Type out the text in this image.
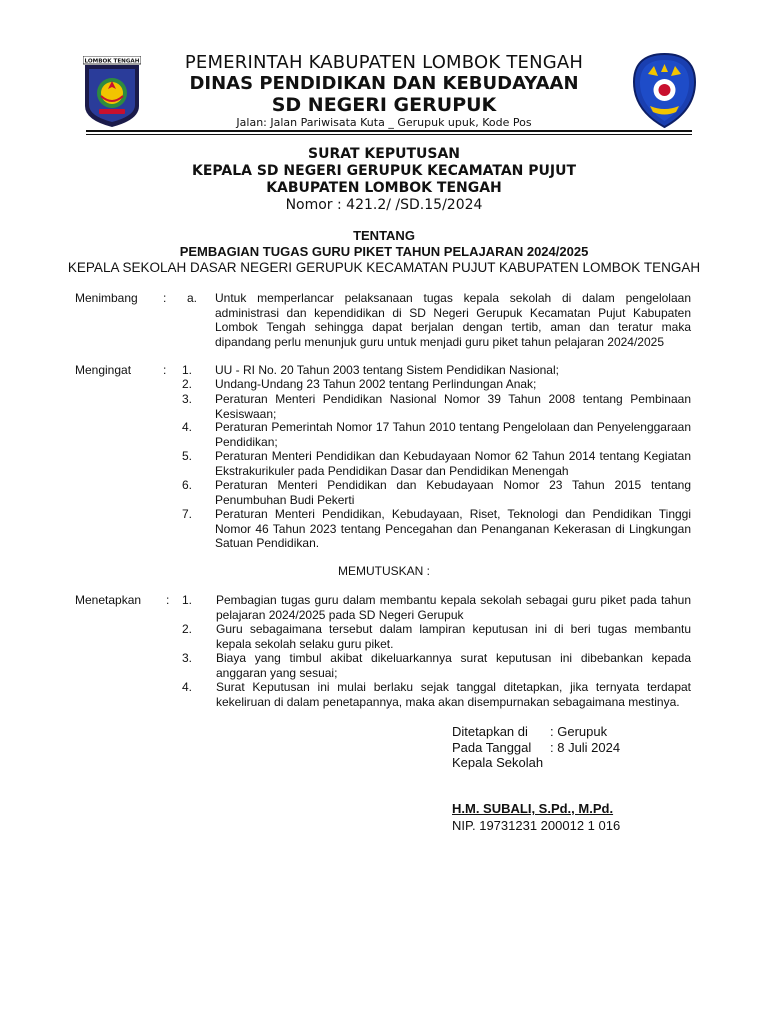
LOMBOK TENGAH	PEMERINTAH KABUPATEN LOMBOK TENGAH
DINAS PENDIDIKAN DAN KEBUDAYAAN
SD NEGERI GERUPUK
Jalan: Jalan Pariwisata Kuta _ Gerupuk upuk, Kode Pos
SURAT KEPUTUSAN
KEPALA SD NEGERI GERUPUK KECAMATAN PUJUT
KABUPATEN LOMBOK TENGAH
Nomor : 421.2/ /SD.15/2024
TENTANG
PEMBAGIAN TUGAS GURU PIKET TAHUN PELAJARAN 2024/2025
KEPALA SEKOLAH DASAR NEGERI GERUPUK KECAMATAN PUJUT KABUPATEN LOMBOK TENGAH
Menimbang : a. Untuk memperlancar pelaksanaan tugas kepala sekolah di dalam pengelolaan administrasi dan kependidikan di SD Negeri Gerupuk Kecamatan Pujut Kabupaten Lombok Tengah sehingga dapat berjalan dengan tertib, aman dan teratur maka dipandang perlu menunjuk guru untuk menjadi guru piket tahun pelajaran 2024/2025
Mengingat	:	1. UU - RI No. 20 Tahun 2003 tentang Sistem Pendidikan Nasional;
2. Undang-Undang 23 Tahun 2002 tentang Perlindungan Anak;
3. Peraturan Menteri Pendidikan Nasional Nomor 39 Tahun 2008 tentang Pembinaan Kesiswaan;
4. Peraturan Pemerintah Nomor 17 Tahun 2010 tentang Pengelolaan dan Penyelenggaraan Pendidikan;
5. Peraturan Menteri Pendidikan dan Kebudayaan Nomor 62 Tahun 2014 tentang Kegiatan Ekstrakurikuler pada Pendidikan Dasar dan Pendidikan Menengah
6. Peraturan Menteri Pendidikan dan Kebudayaan Nomor 23 Tahun 2015 tentang Penumbuhan Budi Pekerti
7. Peraturan Menteri Pendidikan, Kebudayaan, Riset, Teknologi dan Pendidikan Tinggi Nomor 46 Tahun 2023 tentang Pencegahan dan Penanganan Kekerasan di Lingkungan Satuan Pendidikan.
MEMUTUSKAN :
Menetapkan :	1. Pembagian tugas guru dalam membantu kepala sekolah sebagai guru piket pada tahun pelajaran 2024/2025 pada SD Negeri Gerupuk
2. Guru sebagaimana tersebut dalam lampiran keputusan ini di beri tugas membantu kepala sekolah selaku guru piket.
3. Biaya yang timbul akibat dikeluarkannya surat keputusan ini dibebankan kepada anggaran yang sesuai;
4. Surat Keputusan ini mulai berlaku sejak tanggal ditetapkan, jika ternyata terdapat kekeliruan di dalam penetapannya, maka akan disempurnakan sebagaimana mestinya.
Ditetapkan di : Gerupuk
Pada Tanggal : 8 Juli 2024
Kepala Sekolah
H.M. SUBALI, S.Pd., M.Pd.
NIP. 19731231 200012 1 016
